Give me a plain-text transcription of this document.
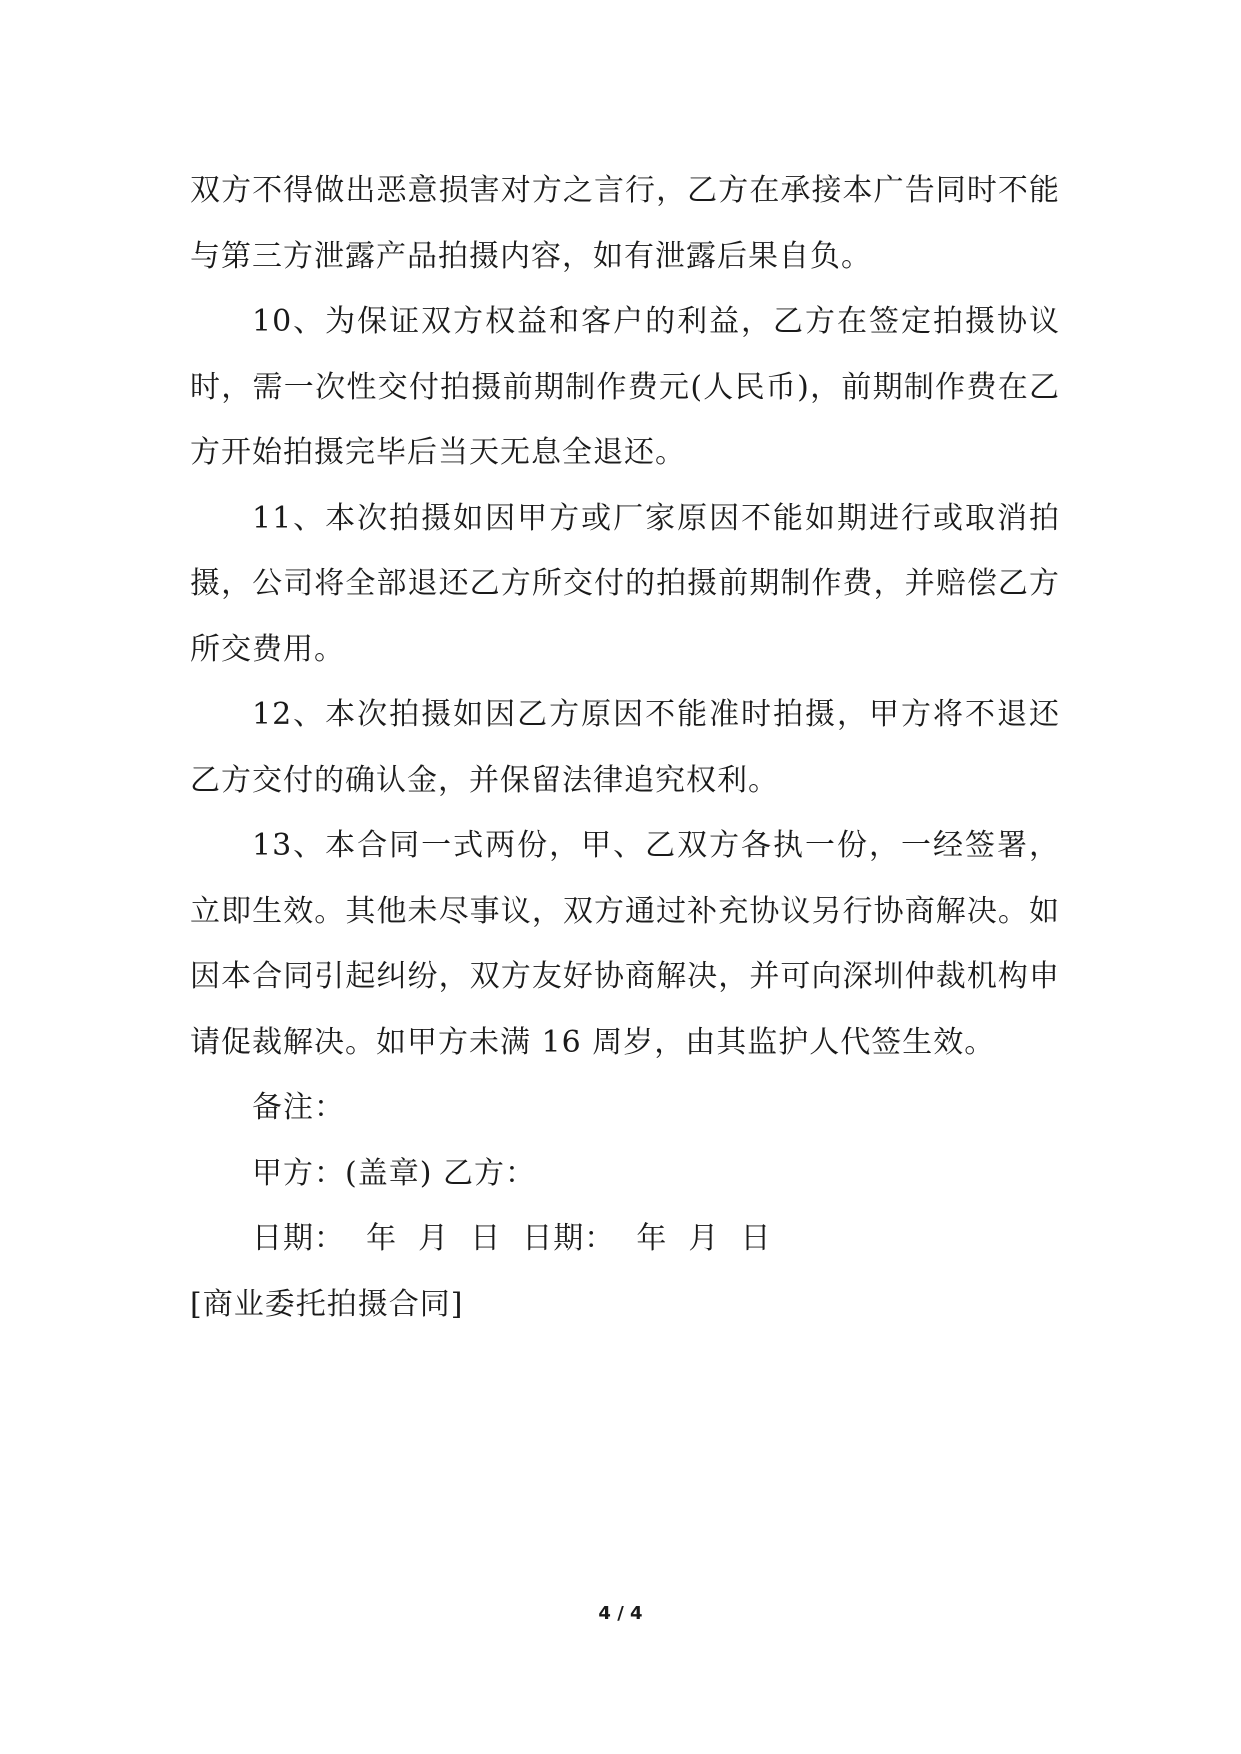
双方不得做出恶意损害对方之言行，乙方在承接本广告同时不能与第三方泄露产品拍摄内容，如有泄露后果自负。

10、为保证双方权益和客户的利益，乙方在签定拍摄协议时，需一次性交付拍摄前期制作费元(人民币)，前期制作费在乙方开始拍摄完毕后当天无息全退还。

11、本次拍摄如因甲方或厂家原因不能如期进行或取消拍摄，公司将全部退还乙方所交付的拍摄前期制作费，并赔偿乙方所交费用。

12、本次拍摄如因乙方原因不能准时拍摄，甲方将不退还乙方交付的确认金，并保留法律追究权利。

13、本合同一式两份，甲、乙双方各执一份，一经签署，立即生效。其他未尽事议，双方通过补充协议另行协商解决。如因本合同引起纠纷，双方友好协商解决，并可向深圳仲裁机构申请促裁解决。如甲方未满 16 周岁，由其监护人代签生效。

备注：

甲方：(盖章) 乙方：

日期：  年  月  日  日期：  年  月  日

[商业委托拍摄合同]

4 / 4
